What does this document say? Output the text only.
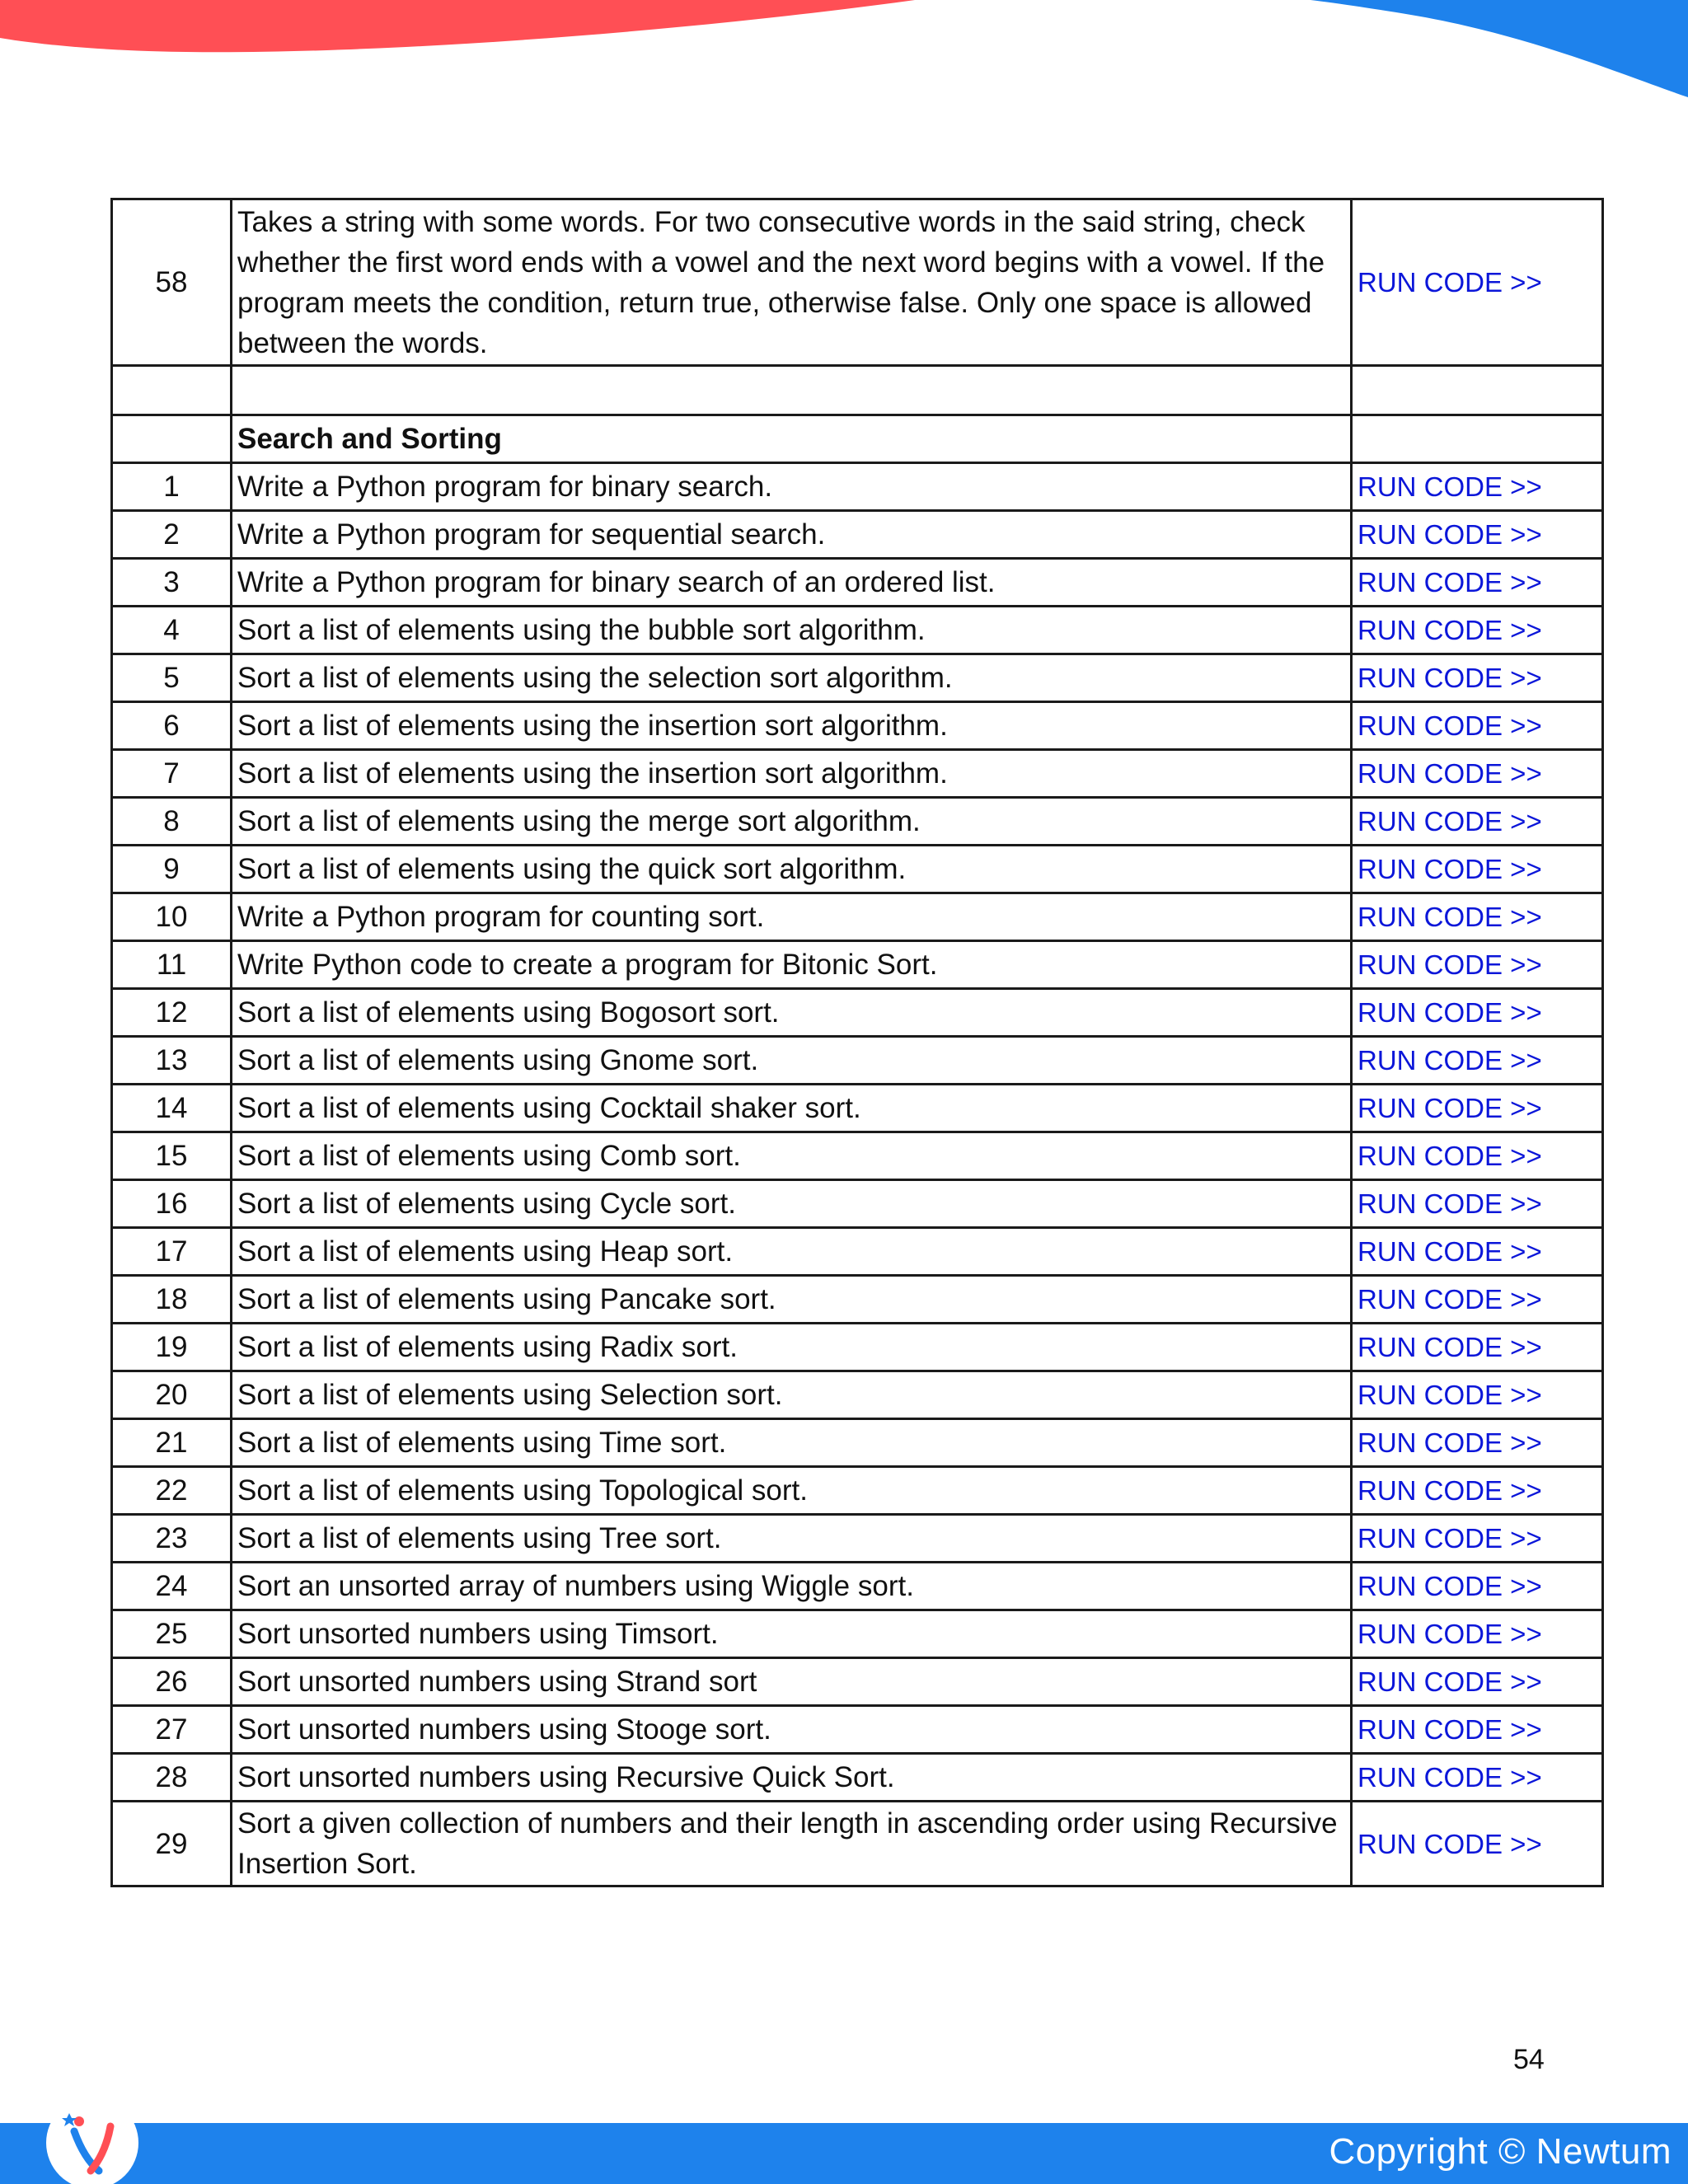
58	Takes a string with some words. For two consecutive words in the said string, check whether the first word ends with a vowel and the next word begins with a vowel. If the program meets the condition, return true, otherwise false. Only one space is allowed between the words.	RUN CODE >>

	Search and Sorting	
1	Write a Python program for binary search.	RUN CODE >>
2	Write a Python program for sequential search.	RUN CODE >>
3	Write a Python program for binary search of an ordered list.	RUN CODE >>
4	Sort a list of elements using the bubble sort algorithm.	RUN CODE >>
5	Sort a list of elements using the selection sort algorithm.	RUN CODE >>
6	Sort a list of elements using the insertion sort algorithm.	RUN CODE >>
7	Sort a list of elements using the insertion sort algorithm.	RUN CODE >>
8	Sort a list of elements using the merge sort algorithm.	RUN CODE >>
9	Sort a list of elements using the quick sort algorithm.	RUN CODE >>
10	Write a Python program for counting sort.	RUN CODE >>
11	Write Python code to create a program for Bitonic Sort.	RUN CODE >>
12	Sort a list of elements using Bogosort sort.	RUN CODE >>
13	Sort a list of elements using Gnome sort.	RUN CODE >>
14	Sort a list of elements using Cocktail shaker sort.	RUN CODE >>
15	Sort a list of elements using Comb sort.	RUN CODE >>
16	Sort a list of elements using Cycle sort.	RUN CODE >>
17	Sort a list of elements using Heap sort.	RUN CODE >>
18	Sort a list of elements using Pancake sort.	RUN CODE >>
19	Sort a list of elements using Radix sort.	RUN CODE >>
20	Sort a list of elements using Selection sort.	RUN CODE >>
21	Sort a list of elements using Time sort.	RUN CODE >>
22	Sort a list of elements using Topological sort.	RUN CODE >>
23	Sort a list of elements using Tree sort.	RUN CODE >>
24	Sort an unsorted array of numbers using Wiggle sort.	RUN CODE >>
25	Sort unsorted numbers using Timsort.	RUN CODE >>
26	Sort unsorted numbers using Strand sort	RUN CODE >>
27	Sort unsorted numbers using Stooge sort.	RUN CODE >>
28	Sort unsorted numbers using Recursive Quick Sort.	RUN CODE >>
29	Sort a given collection of numbers and their length in ascending order using Recursive Insertion Sort.	RUN CODE >>
54
Copyright © Newtum
